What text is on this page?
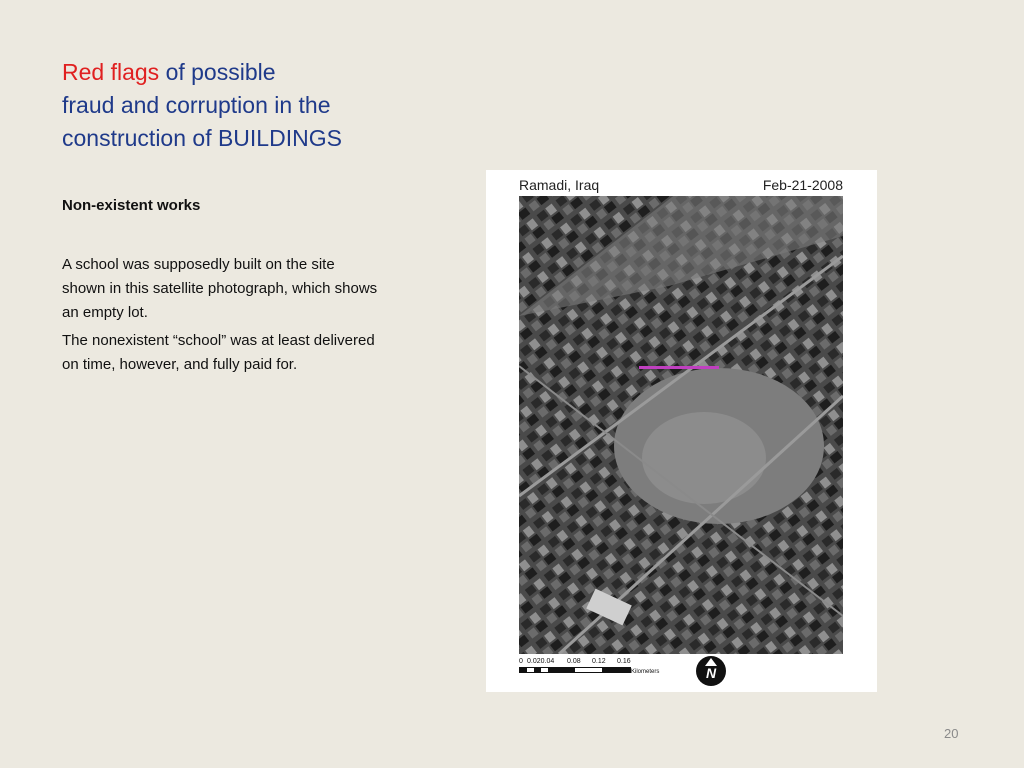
Red flags of possible
fraud and corruption in the
construction of BUILDINGS
Non-existent works
A school was supposedly built on the site shown in this satellite photograph, which shows an empty lot.
The nonexistent “school” was at least delivered on time, however, and fully paid for.
Ramadi, Iraq	Feb-21-2008
0 0.020.04 0.08 0.12 0.16
Kilometers	N
20
